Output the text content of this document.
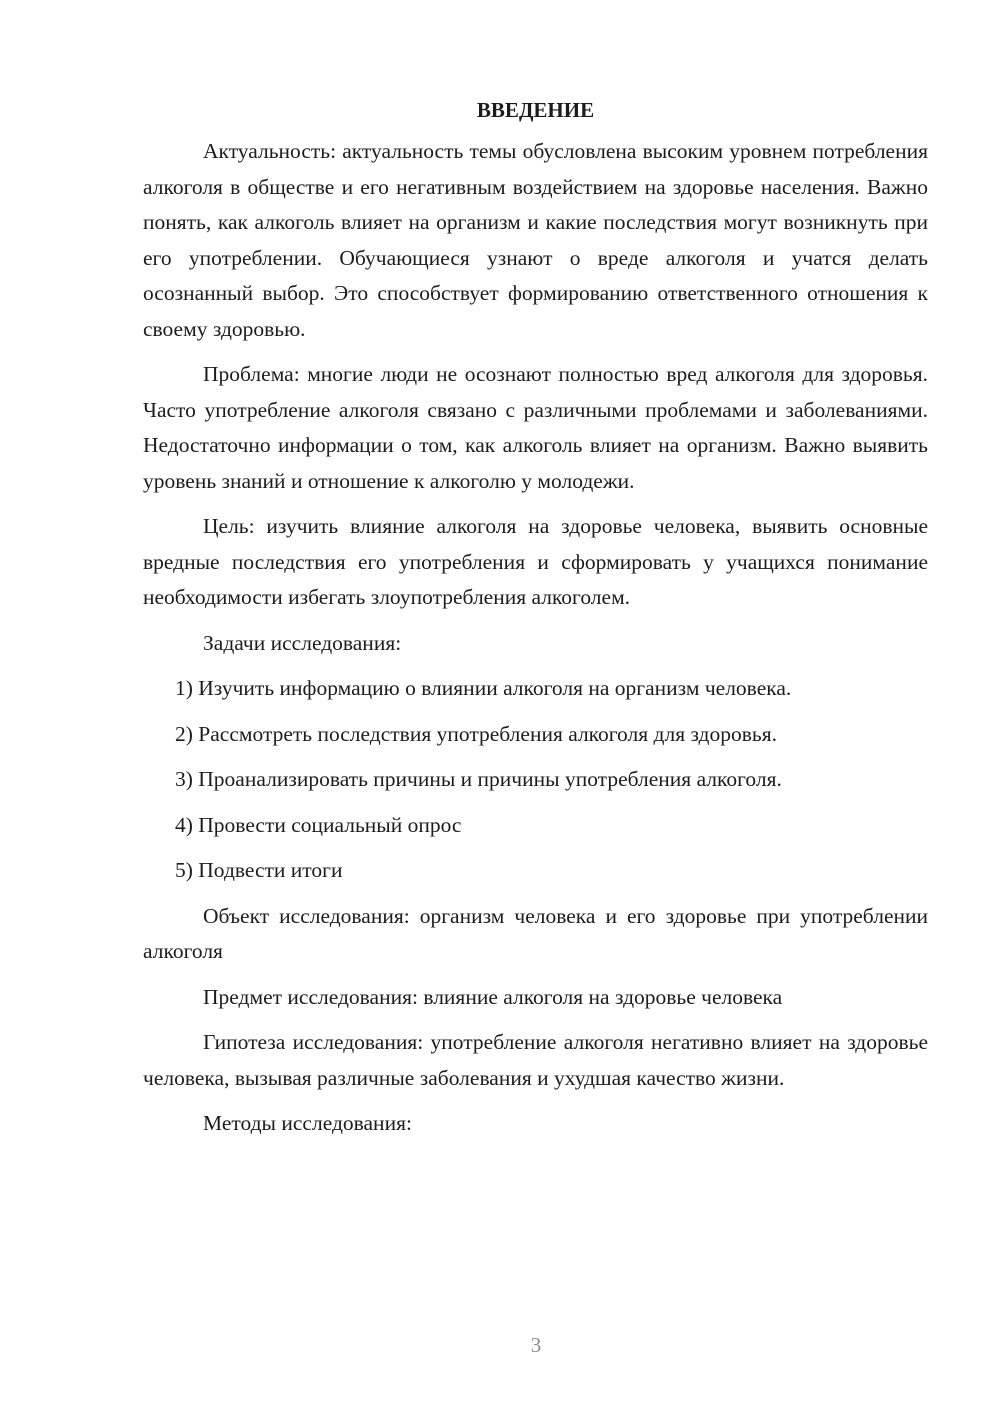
ВВЕДЕНИЕ

Актуальность: актуальность темы обусловлена высоким уровнем потребления алкоголя в обществе и его негативным воздействием на здоровье населения. Важно понять, как алкоголь влияет на организм и какие последствия могут возникнуть при его употреблении. Обучающиеся узнают о вреде алкоголя и учатся делать осознанный выбор. Это способствует формированию ответственного отношения к своему здоровью.

Проблема: многие люди не осознают полностью вред алкоголя для здоровья. Часто употребление алкоголя связано с различными проблемами и заболеваниями. Недостаточно информации о том, как алкоголь влияет на организм. Важно выявить уровень знаний и отношение к алкоголю у молодежи.

Цель: изучить влияние алкоголя на здоровье человека, выявить основные вредные последствия его употребления и сформировать у учащихся понимание необходимости избегать злоупотребления алкоголем.

Задачи исследования:

1) Изучить информацию о влиянии алкоголя на организм человека.
2) Рассмотреть последствия употребления алкоголя для здоровья.
3) Проанализировать причины и причины употребления алкоголя.
4) Провести социальный опрос
5) Подвести итоги

Объект исследования: организм человека и его здоровье при употреблении алкоголя

Предмет исследования: влияние алкоголя на здоровье человека

Гипотеза исследования: употребление алкоголя негативно влияет на здоровье человека, вызывая различные заболевания и ухудшая качество жизни.

Методы исследования:

3
